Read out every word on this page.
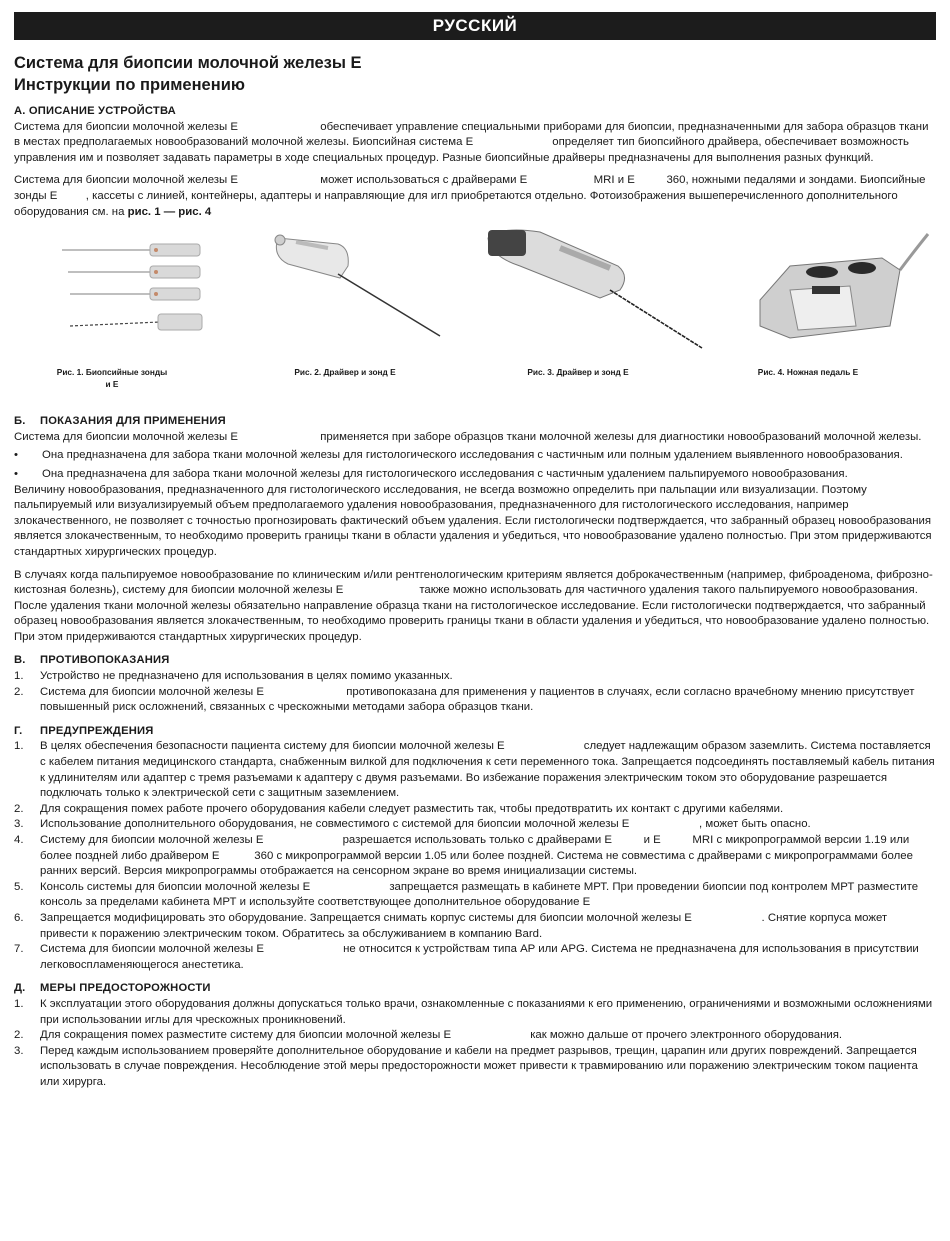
РУССКИЙ
Система для биопсии молочной железы E
Инструкции по применению
А. ОПИСАНИЕ УСТРОЙСТВА

Система для биопсии молочной железы E                          обеспечивает управление специальными приборами для биопсии, предназначенными для забора образцов ткани в местах предполагаемых новообразований молочной железы. Биопсийная система E                         определяет тип биопсийного драйвера, обеспечивает возможность управления им и позволяет задавать параметры в ходе специальных процедур. Разные биопсийные драйверы предназначены для выполнения разных функций.

Система для биопсии молочной железы E                          может использоваться с драйверами E                     MRI и E          360, ножными педалями и зондами. Биопсийные зонды E         , кассеты с линией, контейнеры, адаптеры и направляющие для игл приобретаются отдельно. Фотоизображения вышеперечисленного дополнительного оборудования см. на рис. 1 — рис. 4

Рис. 1. Биопсийные зонды
и E
Рис. 2. Драйвер и зонд E	Рис. 3. Драйвер и зонд E	Рис. 4. Ножная педаль E
Б. ПОКАЗАНИЯ ДЛЯ ПРИМЕНЕНИЯ

Система для биопсии молочной железы E                          применяется при заборе образцов ткани молочной железы для диагностики новообразований молочной железы.

• Она предназначена для забора ткани молочной железы для гистологического исследования с частичным или полным удалением выявленного новообразования.
• Она предназначена для забора ткани молочной железы для гистологического исследования с частичным удалением пальпируемого новообразования.

Величину новообразования, предназначенного для гистологического исследования, не всегда возможно определить при пальпации или визуализации. Поэтому пальпируемый или визуализируемый объем предполагаемого удаления новообразования, предназначенного для гистологического исследования, например злокачественного, не позволяет с точностью прогнозировать фактический объем удаления. Если гистологически подтверждается, что забранный образец новообразования является злокачественным, то необходимо проверить границы ткани в области удаления и убедиться, что новообразование удалено полностью. При этом придерживаются стандартных хирургических процедур.

В случаях когда пальпируемое новообразование по клиническим и/или рентгенологическим критериям является доброкачественным (например, фиброаденома, фиброзно-кистозная болезнь), систему для биопсии молочной железы E                        также можно использовать для частичного удаления такого пальпируемого новообразования. После удаления ткани молочной железы обязательно направление образца ткани на гистологическое исследование. Если гистологически подтверждается, что забранный образец новообразования является злокачественным, то необходимо проверить границы ткани в области удаления и убедиться, что новообразование удалено полностью. При этом придерживаются стандартных хирургических процедур.

В. ПРОТИВОПОКАЗАНИЯ
1. Устройство не предназначено для использования в целях помимо указанных.
2. Система для биопсии молочной железы E                          противопоказана для применения у пациентов в случаях, если согласно врачебному мнению присутствует повышенный риск осложнений, связанных с чрескожными методами забора образцов ткани.
Г. ПРЕДУПРЕЖДЕНИЯ
1. В целях обеспечения безопасности пациента систему для биопсии молочной железы E                         следует надлежащим образом заземлить. Система поставляется с кабелем питания медицинского стандарта, снабженным вилкой для подключения к сети переменного тока. Запрещается подсоединять поставляемый кабель питания к удлинителям или адаптер с тремя разъемами к адаптеру с двумя разъемами. Во избежание поражения электрическим током это оборудование разрешается подключать только к электрической сети с защитным заземлением.
2. Для сокращения помех работе прочего оборудования кабели следует разместить так, чтобы предотвратить их контакт с другими кабелями.
3. Использование дополнительного оборудования, не совместимого с системой для биопсии молочной железы E                      , может быть опасно.
4. Систему для биопсии молочной железы E                         разрешается использовать только с драйверами E          и E          MRI с микропрограммой версии 1.19 или более поздней либо драйвером E           360 с микропрограммой версии 1.05 или более поздней. Система не совместима с драйверами с микропрограммами более ранних версий. Версия микропрограммы отображается на сенсорном экране во время инициализации системы.
5. Консоль системы для биопсии молочной железы E                         запрещается размещать в кабинете МРТ. При проведении биопсии под контролем МРТ разместите консоль за пределами кабинета МРТ и используйте соответствующее дополнительное оборудование E
6. Запрещается модифицировать это оборудование. Запрещается снимать корпус системы для биопсии молочной железы E                      . Снятие корпуса может привести к поражению электрическим током. Обратитесь за обслуживанием в компанию Bard.
7. Система для биопсии молочной железы E                         не относится к устройствам типа AP или APG. Система не предназначена для использования в присутствии легковоспламеняющегося анестетика.
Д. МЕРЫ ПРЕДОСТОРОЖНОСТИ
1. К эксплуатации этого оборудования должны допускаться только врачи, ознакомленные с показаниями к его применению, ограничениями и возможными осложнениями при использовании иглы для чрескожных проникновений.
2. Для сокращения помех разместите систему для биопсии молочной железы E                         как можно дальше от прочего электронного оборудования.
3. Перед каждым использованием проверяйте дополнительное оборудование и кабели на предмет разрывов, трещин, царапин или других повреждений. Запрещается использовать в случае повреждения. Несоблюдение этой меры предосторожности может привести к травмированию или поражению электрическим током пациента или хирурга.
